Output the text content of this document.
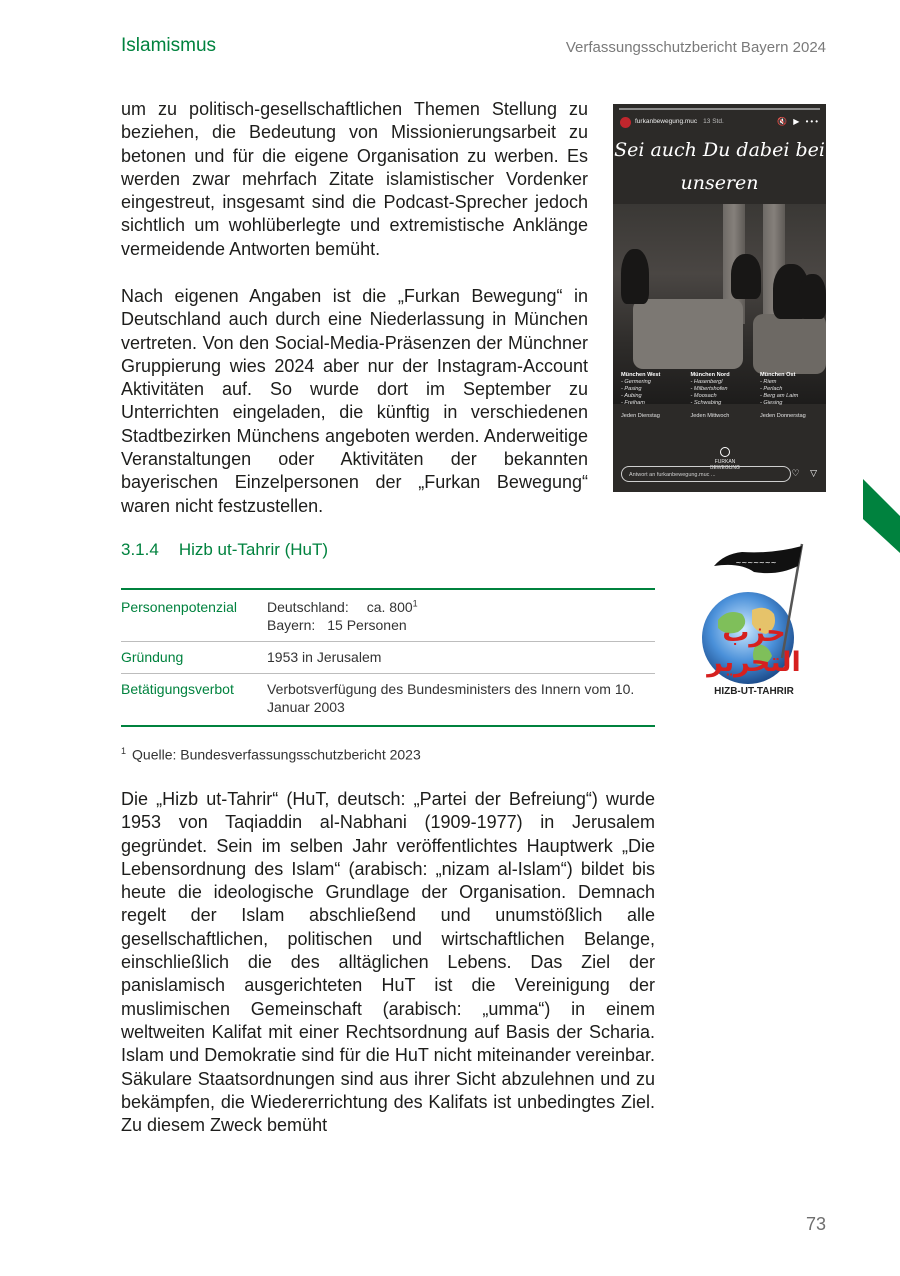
Islamismus	Verfassungsschutzbericht Bayern 2024
um zu politisch-gesellschaftlichen Themen Stellung zu beziehen, die Bedeutung von Missionierungsarbeit zu betonen und für die eigene Organisation zu werben. Es werden zwar mehrfach Zitate islamistischer Vordenker eingestreut, insgesamt sind die Podcast-Sprecher jedoch sichtlich um wohlüberlegte und extremistische Anklänge vermeidende Antworten bemüht.
Nach eigenen Angaben ist die „Furkan Bewegung“ in Deutschland auch durch eine Niederlassung in München vertreten. Von den Social-Media-Präsenzen der Münchner Gruppierung wies 2024 aber nur der Instagram-Account Aktivitäten auf. So wurde dort im September zu Unterrichten eingeladen, die künftig in verschiedenen Stadtbezirken Münchens angeboten werden. Anderweitige Veranstaltungen oder Aktivitäten der bekannten bayerischen Einzelpersonen der „Furkan Bewegung“ waren nicht festzustellen.
furkanbewegung.muc 13 Std.	🔇 ▶ •••
Sei auch Du dabei bei
unseren
München West
- Germering
- Pasing
- Aubing
- Freiham
Jeden Dienstag
München Nord
- Hasenbergl
- Milbertshofen
- Moosach
- Schwabing
Jeden Mittwoch
München Ost
- Riem
- Perlach
- Berg am Laim
- Giesing
Jeden Donnerstag
FURKAN
BEWEGUNG
Antwort an furkanbewegung.muc ...	♡ ▽
3.1.4 Hizb ut-Tahrir (HuT)
Personenpotenzial	Deutschland: ca. $800^1$
Bayern: 15 Personen

Gründung	1953 in Jerusalem
Betätigungsverbot	Verbotsverfügung des Bundesministers des Innern vom 10. Januar 2003
~~~~~~~
حزب التحرير
HIZB-UT-TAHRIR
$^1$ Quelle: Bundesverfassungsschutzbericht 2023
Die „Hizb ut-Tahrir“ (HuT, deutsch: „Partei der Befreiung“) wurde 1953 von Taqiaddin al-Nabhani (1909-1977) in Jerusalem gegründet. Sein im selben Jahr veröffentlichtes Hauptwerk „Die Lebensordnung des Islam“ (arabisch: „nizam al-Islam“) bildet bis heute die ideologische Grundlage der Organisation. Demnach regelt der Islam abschließend und unumstößlich alle gesellschaftlichen, politischen und wirtschaftlichen Belange, einschließlich die des alltäglichen Lebens. Das Ziel der panislamisch ausgerichteten HuT ist die Vereinigung der muslimischen Gemeinschaft (arabisch: „umma“) in einem weltweiten Kalifat mit einer Rechtsordnung auf Basis der Scharia. Islam und Demokratie sind für die HuT nicht miteinander vereinbar. Säkulare Staatsordnungen sind aus ihrer Sicht abzulehnen und zu bekämpfen, die Wiedererrichtung des Kalifats ist unbedingtes Ziel. Zu diesem Zweck bemüht
73
